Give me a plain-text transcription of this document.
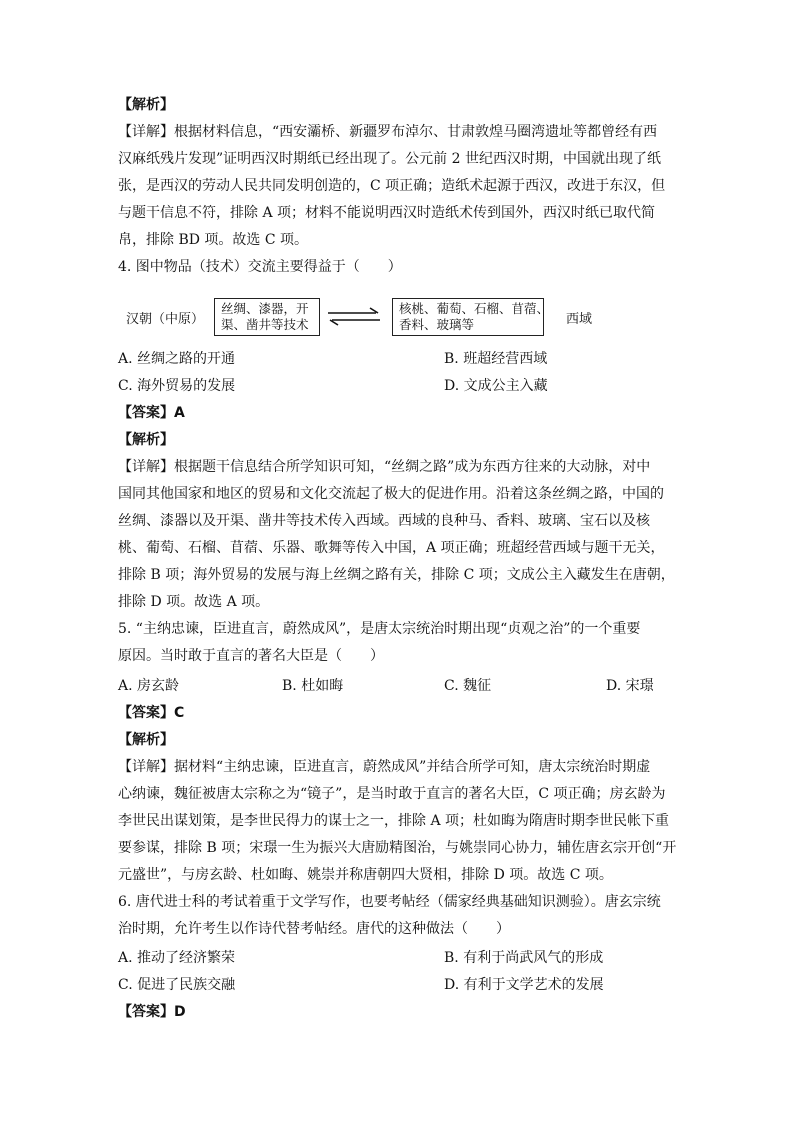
【解析】
【详解】根据材料信息，“西安灞桥、新疆罗布淖尔、甘肃敦煌马圈湾遗址等都曾经有西
汉麻纸残片发现”证明西汉时期纸已经出现了。公元前 2 世纪西汉时期，中国就出现了纸
张，是西汉的劳动人民共同发明创造的，C 项正确；造纸术起源于西汉，改进于东汉，但
与题干信息不符，排除 A 项；材料不能说明西汉时造纸术传到国外，西汉时纸已取代简
帛，排除 BD 项。故选 C 项。
4. 图中物品（技术）交流主要得益于（　　）
汉朝（中原）
丝绸、漆器，开
渠、凿井等技术
核桃、葡萄、石榴、苜蓿、
香料、玻璃等	西域
A. 丝绸之路的开通	B. 班超经营西域
C. 海外贸易的发展	D. 文成公主入藏
【答案】A
【解析】
【详解】根据题干信息结合所学知识可知，“丝绸之路”成为东西方往来的大动脉，对中
国同其他国家和地区的贸易和文化交流起了极大的促进作用。沿着这条丝绸之路，中国的
丝绸、漆器以及开渠、凿井等技术传入西域。西域的良种马、香料、玻璃、宝石以及核
桃、葡萄、石榴、苜蓿、乐器、歌舞等传入中国，A 项正确；班超经营西域与题干无关，
排除 B 项；海外贸易的发展与海上丝绸之路有关，排除 C 项；文成公主入藏发生在唐朝，
排除 D 项。故选 A 项。
5. “主纳忠谏，臣进直言，蔚然成风”，是唐太宗统治时期出现“贞观之治”的一个重要
原因。当时敢于直言的著名大臣是（　　）
A. 房玄龄	B. 杜如晦	C. 魏征	D. 宋璟
【答案】C
【解析】
【详解】据材料“主纳忠谏，臣进直言，蔚然成风”并结合所学可知，唐太宗统治时期虚
心纳谏，魏征被唐太宗称之为“镜子”，是当时敢于直言的著名大臣，C 项正确；房玄龄为
李世民出谋划策，是李世民得力的谋士之一，排除 A 项；杜如晦为隋唐时期李世民帐下重
要参谋，排除 B 项；宋璟一生为振兴大唐励精图治，与姚崇同心协力，辅佐唐玄宗开创“开
元盛世”，与房玄龄、杜如晦、姚崇并称唐朝四大贤相，排除 D 项。故选 C 项。
6. 唐代进士科的考试着重于文学写作，也要考帖经（儒家经典基础知识测验）。唐玄宗统
治时期，允许考生以作诗代替考帖经。唐代的这种做法（　　）
A. 推动了经济繁荣	B. 有利于尚武风气的形成
C. 促进了民族交融	D. 有利于文学艺术的发展
【答案】D
